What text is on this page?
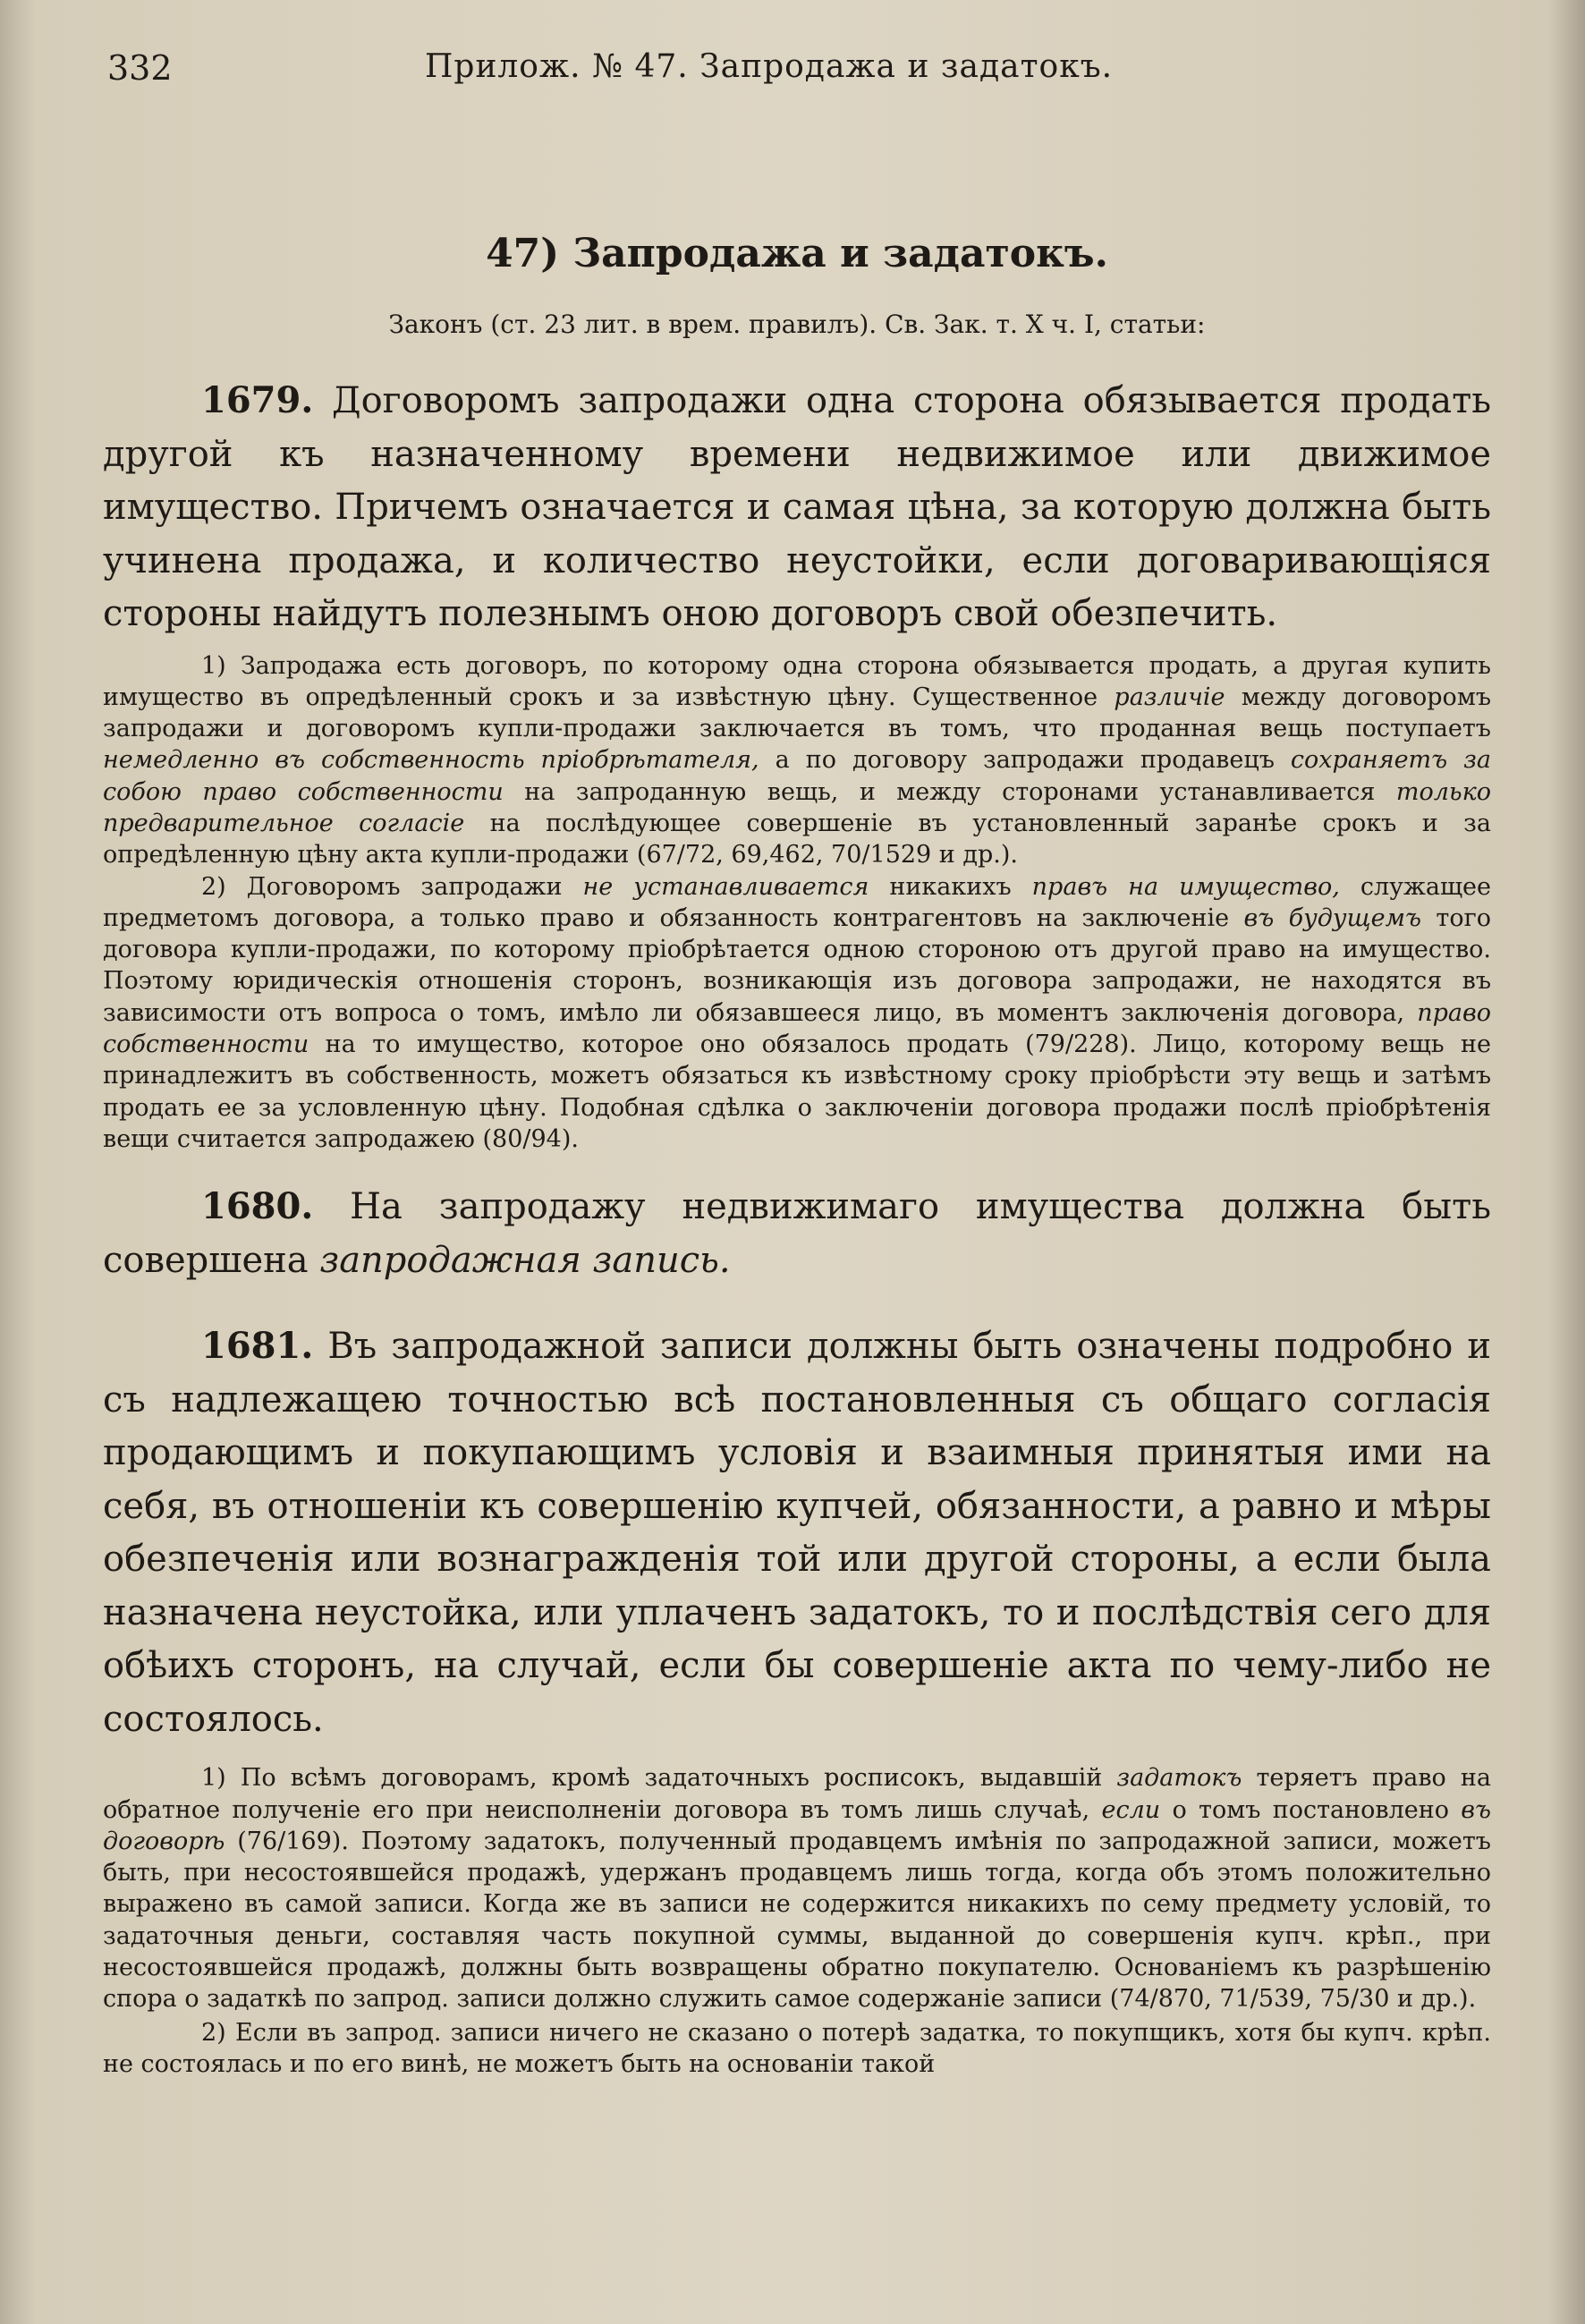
332	Прилож. № 47. Запродажа и задатокъ.
47) Запродажа и задатокъ.

Законъ (ст. 23 лит. в врем. правилъ). Св. Зак. т. X ч. I, статьи:

1679. Договоромъ запродажи одна сторона обязывается продать другой къ назначенному времени недвижимое или движимое имущество. Причемъ означается и самая цѣна, за которую должна быть учинена продажа, и количество неустойки, если договаривающіяся стороны найдутъ полезнымъ оною договоръ свой обезпечить.

1) Запродажа есть договоръ, по которому одна сторона обязывается продать, а другая купить имущество въ опредѣленный срокъ и за извѣстную цѣну. Существенное различіе между договоромъ запродажи и договоромъ купли-продажи заключается въ томъ, что проданная вещь поступаетъ немедленно въ собственность пріобрѣтателя, а по договору запродажи продавецъ сохраняетъ за собою право собственности на запроданную вещь, и между сторонами устанавливается только предварительное согласіе на послѣдующее совершеніе въ установленный заранѣе срокъ и за опредѣленную цѣну акта купли-продажи (67/72, 69,462, 70/1529 и др.).

2) Договоромъ запродажи не устанавливается никакихъ правъ на имущество, служащее предметомъ договора, а только право и обязанность контрагентовъ на заключеніе въ будущемъ того договора купли-продажи, по которому пріобрѣтается одною стороною отъ другой право на имущество. Поэтому юридическія отношенія сторонъ, возникающія изъ договора запродажи, не находятся въ зависимости отъ вопроса о томъ, имѣло ли обязавшееся лицо, въ моментъ заключенія договора, право собственности на то имущество, которое оно обязалось продать (79/228). Лицо, которому вещь не принадлежитъ въ собственность, можетъ обязаться къ извѣстному сроку пріобрѣсти эту вещь и затѣмъ продать ее за условленную цѣну. Подобная сдѣлка о заключеніи договора продажи послѣ пріобрѣтенія вещи считается запродажею (80/94).

1680. На запродажу недвижимаго имущества должна быть совершена запродажная запись.

1681. Въ запродажной записи должны быть означены подробно и съ надлежащею точностью всѣ постановленныя съ общаго согласія продающимъ и покупающимъ условія и взаимныя принятыя ими на себя, въ отношеніи къ совершенію купчей, обязанности, а равно и мѣры обезпеченія или вознагражденія той или другой стороны, а если была назначена неустойка, или уплаченъ задатокъ, то и послѣдствія сего для обѣихъ сторонъ, на случай, если бы совершеніе акта по чему-либо не состоялось.

1) По всѣмъ договорамъ, кромѣ задаточныхъ росписокъ, выдавшій задатокъ теряетъ право на обратное полученіе его при неисполненіи договора въ томъ лишь случаѣ, если о томъ постановлено въ договорѣ (76/169). Поэтому задатокъ, полученный продавцемъ имѣнія по запродажной записи, можетъ быть, при несостоявшейся продажѣ, удержанъ продавцемъ лишь тогда, когда объ этомъ положительно выражено въ самой записи. Когда же въ записи не содержится никакихъ по сему предмету условій, то задаточныя деньги, составляя часть покупной суммы, выданной до совершенія купч. крѣп., при несостоявшейся продажѣ, должны быть возвращены обратно покупателю. Основаніемъ къ разрѣшенію спора о задаткѣ по запрод. записи должно служить самое содержаніе записи (74/870, 71/539, 75/30 и др.).

2) Если въ запрод. записи ничего не сказано о потерѣ задатка, то покупщикъ, хотя бы купч. крѣп. не состоялась и по его винѣ, не можетъ быть на основаніи такой
